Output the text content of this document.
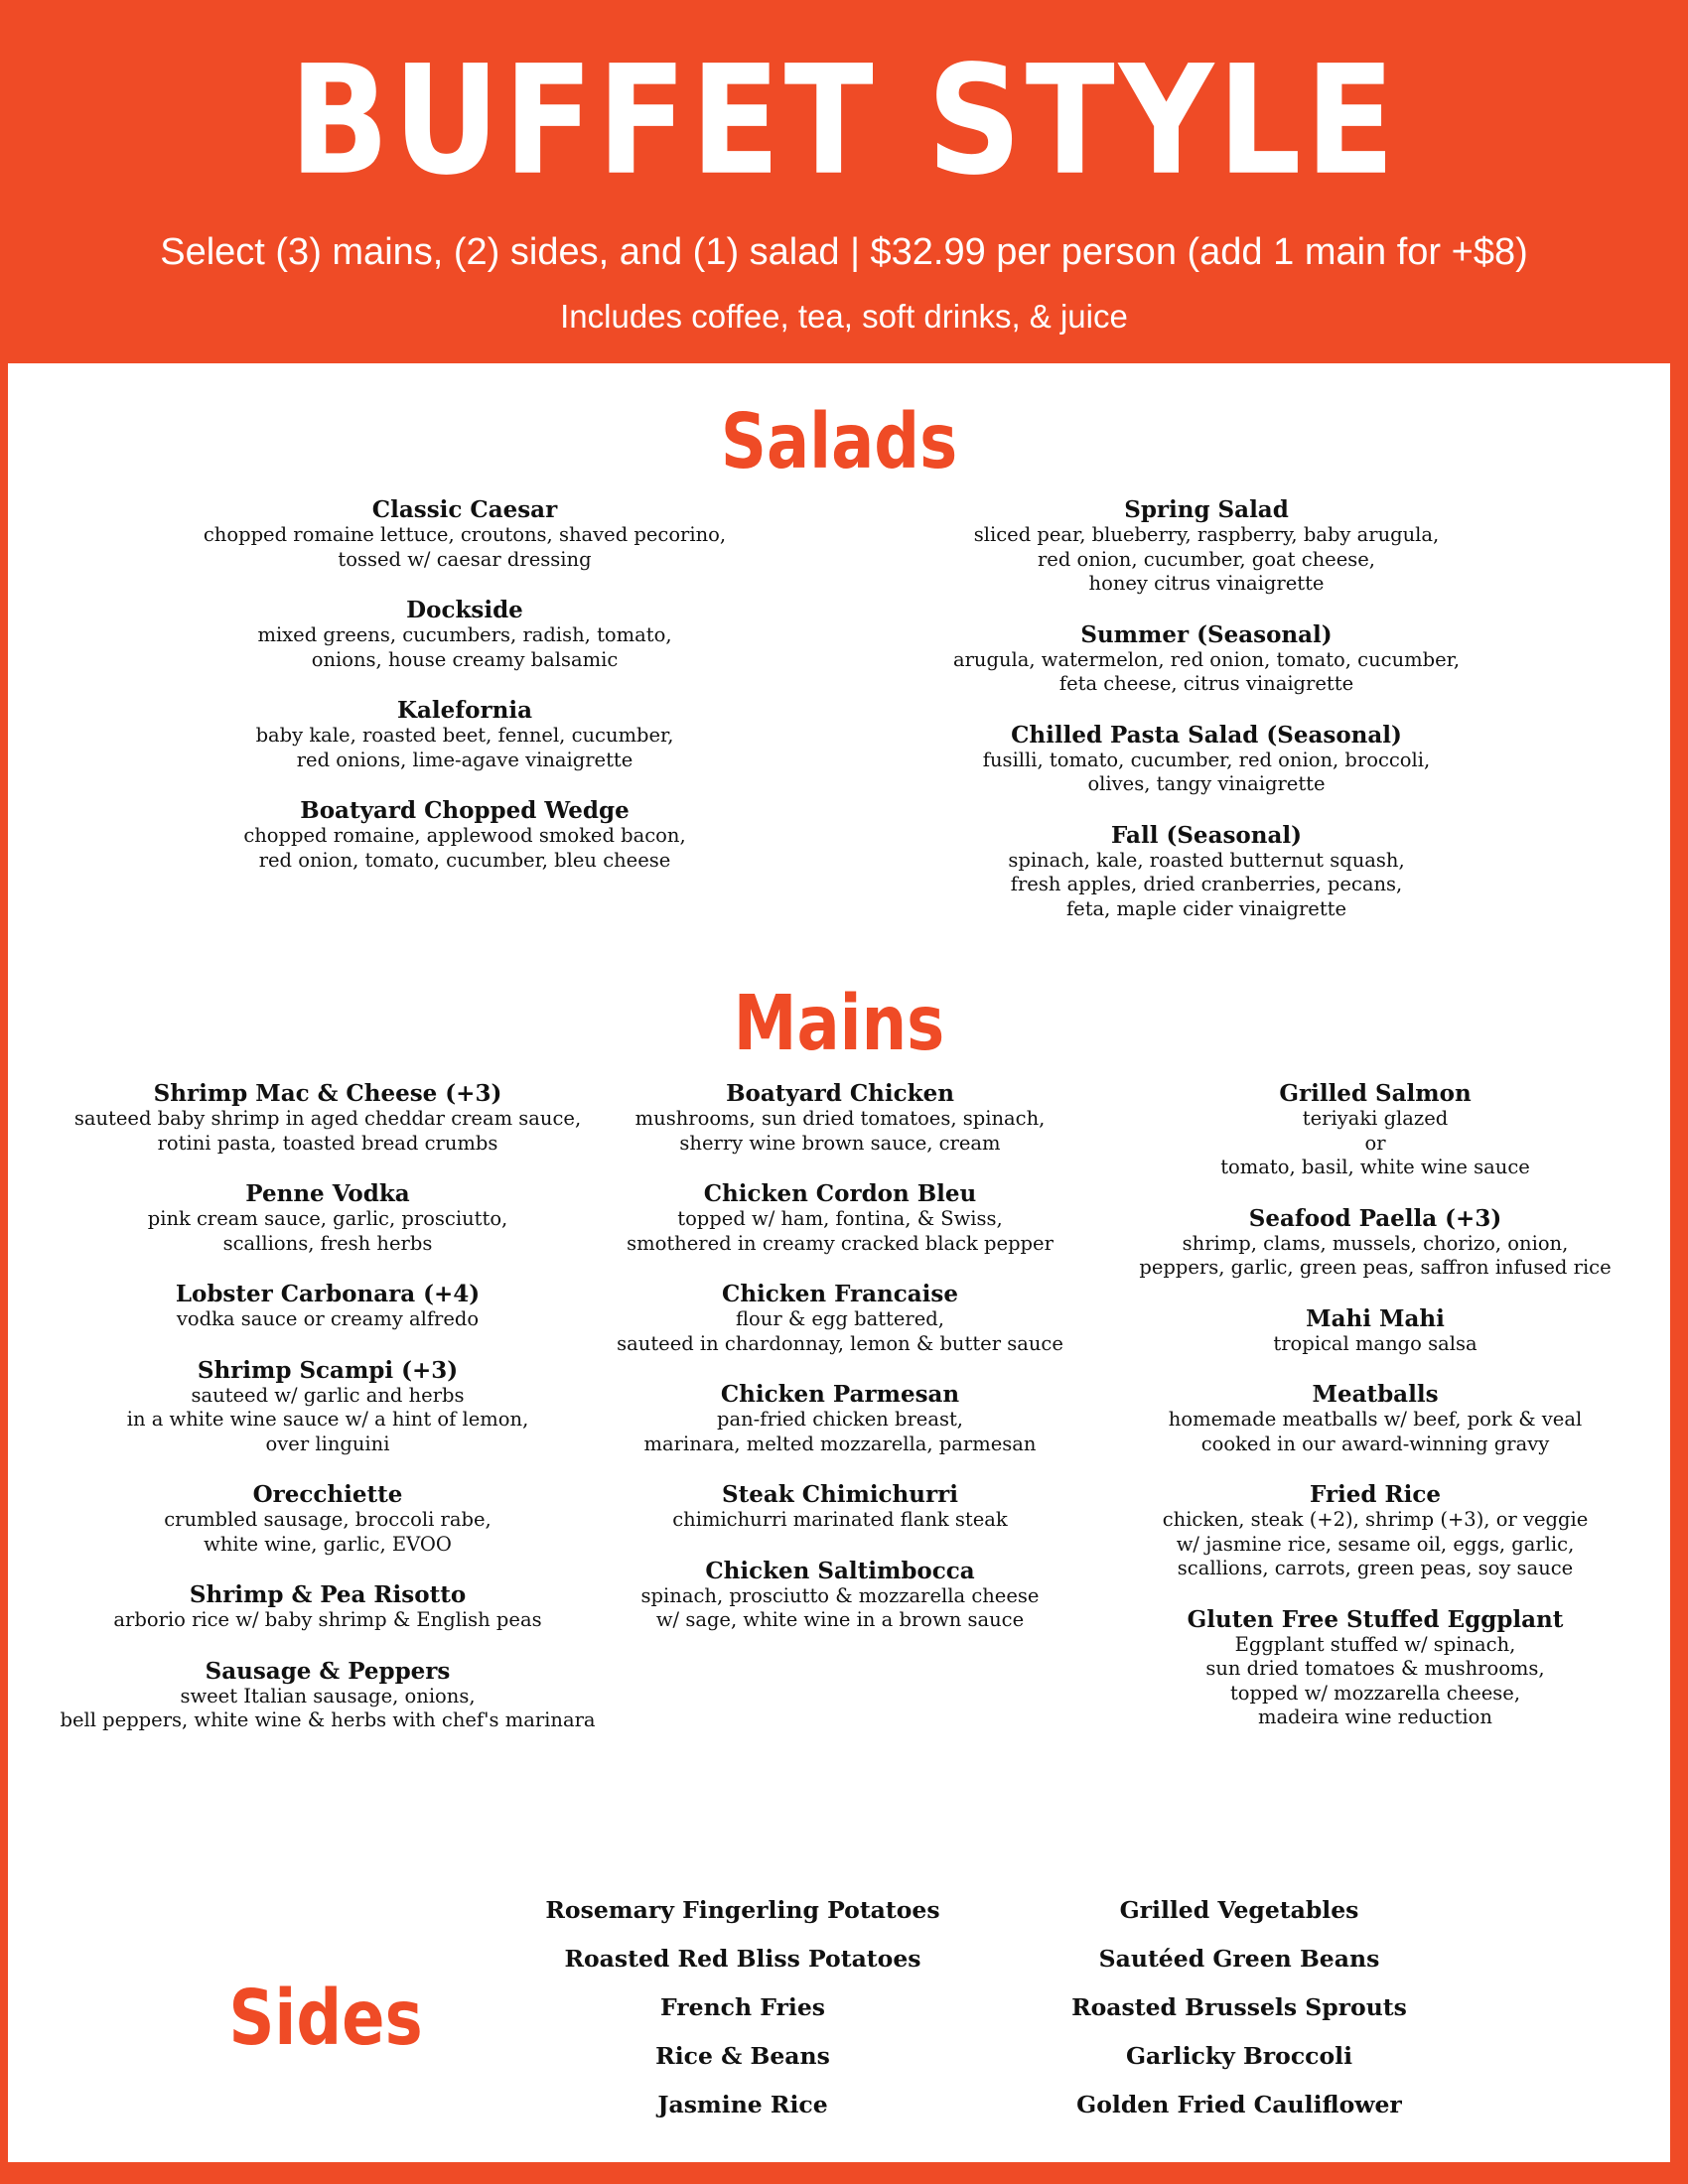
BUFFET STYLE
Select (3) mains, (2) sides, and (1) salad | $32.99 per person (add 1 main for +$8)
Includes coffee, tea, soft drinks, & juice
Salads
Classic Caesar
chopped romaine lettuce, croutons, shaved pecorino,
tossed w/ caesar dressing
Dockside
mixed greens, cucumbers, radish, tomato,
onions, house creamy balsamic
Kalefornia
baby kale, roasted beet, fennel, cucumber,
red onions, lime-agave vinaigrette
Boatyard Chopped Wedge
chopped romaine, applewood smoked bacon,
red onion, tomato, cucumber, bleu cheese
Spring Salad
sliced pear, blueberry, raspberry, baby arugula,
red onion, cucumber, goat cheese,
honey citrus vinaigrette
Summer (Seasonal)
arugula, watermelon, red onion, tomato, cucumber,
feta cheese, citrus vinaigrette
Chilled Pasta Salad (Seasonal)
fusilli, tomato, cucumber, red onion, broccoli,
olives, tangy vinaigrette
Fall (Seasonal)
spinach, kale, roasted butternut squash,
fresh apples, dried cranberries, pecans,
feta, maple cider vinaigrette
Mains
Shrimp Mac & Cheese (+3)
sauteed baby shrimp in aged cheddar cream sauce,
rotini pasta, toasted bread crumbs
Penne Vodka
pink cream sauce, garlic, prosciutto,
scallions, fresh herbs
Lobster Carbonara (+4)
vodka sauce or creamy alfredo
Shrimp Scampi (+3)
sauteed w/ garlic and herbs
in a white wine sauce w/ a hint of lemon,
over linguini
Orecchiette
crumbled sausage, broccoli rabe,
white wine, garlic, EVOO
Shrimp & Pea Risotto
arborio rice w/ baby shrimp & English peas
Sausage & Peppers
sweet Italian sausage, onions,
bell peppers, white wine & herbs with chef's marinara
Boatyard Chicken
mushrooms, sun dried tomatoes, spinach,
sherry wine brown sauce, cream
Chicken Cordon Bleu
topped w/ ham, fontina, & Swiss,
smothered in creamy cracked black pepper
Chicken Francaise
flour & egg battered,
sauteed in chardonnay, lemon & butter sauce
Chicken Parmesan
pan-fried chicken breast,
marinara, melted mozzarella, parmesan
Steak Chimichurri
chimichurri marinated flank steak
Chicken Saltimbocca
spinach, prosciutto & mozzarella cheese
w/ sage, white wine in a brown sauce
Grilled Salmon
teriyaki glazed
or
tomato, basil, white wine sauce
Seafood Paella (+3)
shrimp, clams, mussels, chorizo, onion,
peppers, garlic, green peas, saffron infused rice
Mahi Mahi
tropical mango salsa
Meatballs
homemade meatballs w/ beef, pork & veal
cooked in our award-winning gravy
Fried Rice
chicken, steak (+2), shrimp (+3), or veggie
w/ jasmine rice, sesame oil, eggs, garlic,
scallions, carrots, green peas, soy sauce
Gluten Free Stuffed Eggplant
Eggplant stuffed w/ spinach,
sun dried tomatoes & mushrooms,
topped w/ mozzarella cheese,
madeira wine reduction
Sides
Rosemary Fingerling Potatoes
Roasted Red Bliss Potatoes
French Fries
Rice & Beans
Jasmine Rice
Grilled Vegetables
Sautéed Green Beans
Roasted Brussels Sprouts
Garlicky Broccoli
Golden Fried Cauliflower
